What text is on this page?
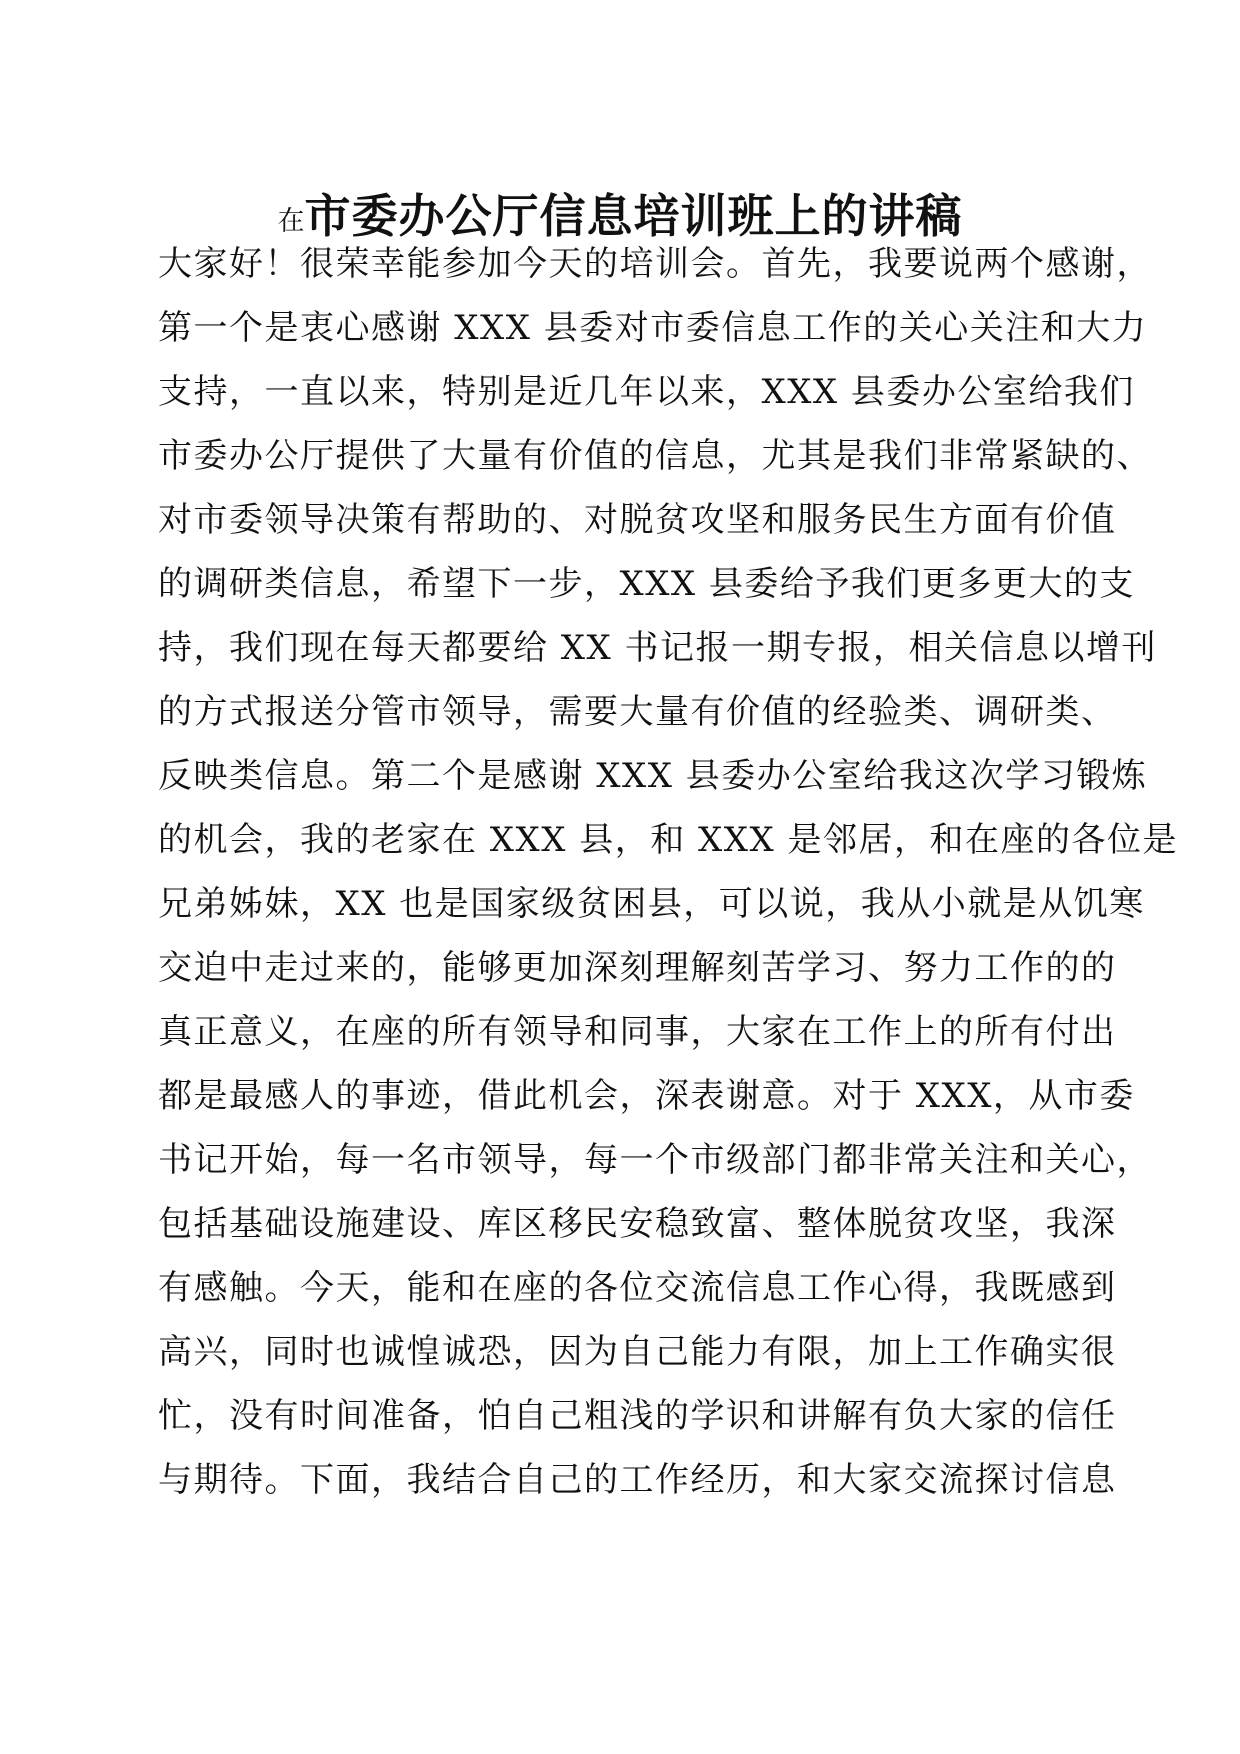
在市委办公厅信息培训班上的讲稿
大家好！很荣幸能参加今天的培训会。首先，我要说两个感谢，
第一个是衷心感谢 XXX 县委对市委信息工作的关心关注和大力
支持，一直以来，特别是近几年以来，XXX 县委办公室给我们
市委办公厅提供了大量有价值的信息，尤其是我们非常紧缺的、
对市委领导决策有帮助的、对脱贫攻坚和服务民生方面有价值
的调研类信息，希望下一步，XXX 县委给予我们更多更大的支
持，我们现在每天都要给 XX 书记报一期专报，相关信息以增刊
的方式报送分管市领导，需要大量有价值的经验类、调研类、
反映类信息。第二个是感谢 XXX 县委办公室给我这次学习锻炼
的机会，我的老家在 XXX 县，和 XXX 是邻居，和在座的各位是
兄弟姊妹，XX 也是国家级贫困县，可以说，我从小就是从饥寒
交迫中走过来的，能够更加深刻理解刻苦学习、努力工作的的
真正意义，在座的所有领导和同事，大家在工作上的所有付出
都是最感人的事迹，借此机会，深表谢意。对于 XXX，从市委
书记开始，每一名市领导，每一个市级部门都非常关注和关心，
包括基础设施建设、库区移民安稳致富、整体脱贫攻坚，我深
有感触。今天，能和在座的各位交流信息工作心得，我既感到
高兴，同时也诚惶诚恐，因为自己能力有限，加上工作确实很
忙，没有时间准备，怕自己粗浅的学识和讲解有负大家的信任
与期待。下面，我结合自己的工作经历，和大家交流探讨信息
